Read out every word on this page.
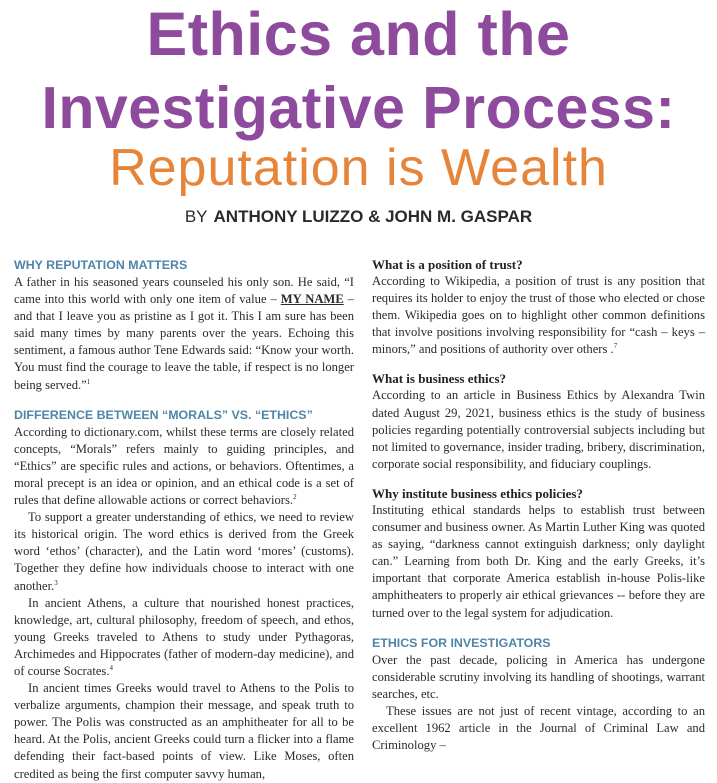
Ethics and the
Investigative Process:
Reputation is Wealth
BY ANTHONY LUIZZO & JOHN M. GASPAR
WHY REPUTATION MATTERS

A father in his seasoned years counseled his only son. He said, “I came into this world with only one item of value – MY NAME – and that I leave you as pristine as I got it. This I am sure has been said many times by many parents over the years. Echoing this sentiment, a famous author Tene Edwards said: “Know your worth. You must find the courage to leave the table, if respect is no longer being served.”$^1$

DIFFERENCE BETWEEN “MORALS” VS. “ETHICS”

According to dictionary.com, whilst these terms are closely related concepts, “Morals” refers mainly to guiding principles, and “Ethics” are specific rules and actions, or behaviors. Oftentimes, a moral precept is an idea or opinion, and an ethical code is a set of rules that define allowable actions or correct behaviors.$^2$

To support a greater understanding of ethics, we need to review its historical origin. The word ethics is derived from the Greek word ‘ethos’ (character), and the Latin word ‘mores’ (customs). Together they define how individuals choose to interact with one another.$^3$

In ancient Athens, a culture that nourished honest practices, knowledge, art, cultural philosophy, freedom of speech, and ethos, young Greeks traveled to Athens to study under Pythagoras, Archimedes and Hippocrates (father of modern-day medicine), and of course Socrates.$^4$

In ancient times Greeks would travel to Athens to the Polis to verbalize arguments, champion their message, and speak truth to power. The Polis was constructed as an amphitheater for all to be heard. At the Polis, ancient Greeks could turn a flicker into a flame defending their fact-based points of view. Like Moses, often credited as being the first computer savvy human,

What is a position of trust?

According to Wikipedia, a position of trust is any position that requires its holder to enjoy the trust of those who elected or chose them. Wikipedia goes on to highlight other common definitions that involve positions involving responsibility for “cash – keys – minors,” and positions of authority over others .$^7$

What is business ethics?

According to an article in Business Ethics by Alexandra Twin dated August 29, 2021, business ethics is the study of business policies regarding potentially controversial subjects including but not limited to governance, insider trading, bribery, discrimination, corporate social responsibility, and fiduciary couplings.

Why institute business ethics policies?

Instituting ethical standards helps to establish trust between consumer and business owner. As Martin Luther King was quoted as saying, “darkness cannot extinguish darkness; only daylight can.” Learning from both Dr. King and the early Greeks, it’s important that corporate America establish in-house Polis-like amphitheaters to properly air ethical grievances -- before they are turned over to the legal system for adjudication.

ETHICS FOR INVESTIGATORS

Over the past decade, policing in America has undergone considerable scrutiny involving its handling of shootings, warrant searches, etc.

These issues are not just of recent vintage, according to an excellent 1962 article in the Journal of Criminal Law and Criminology –
